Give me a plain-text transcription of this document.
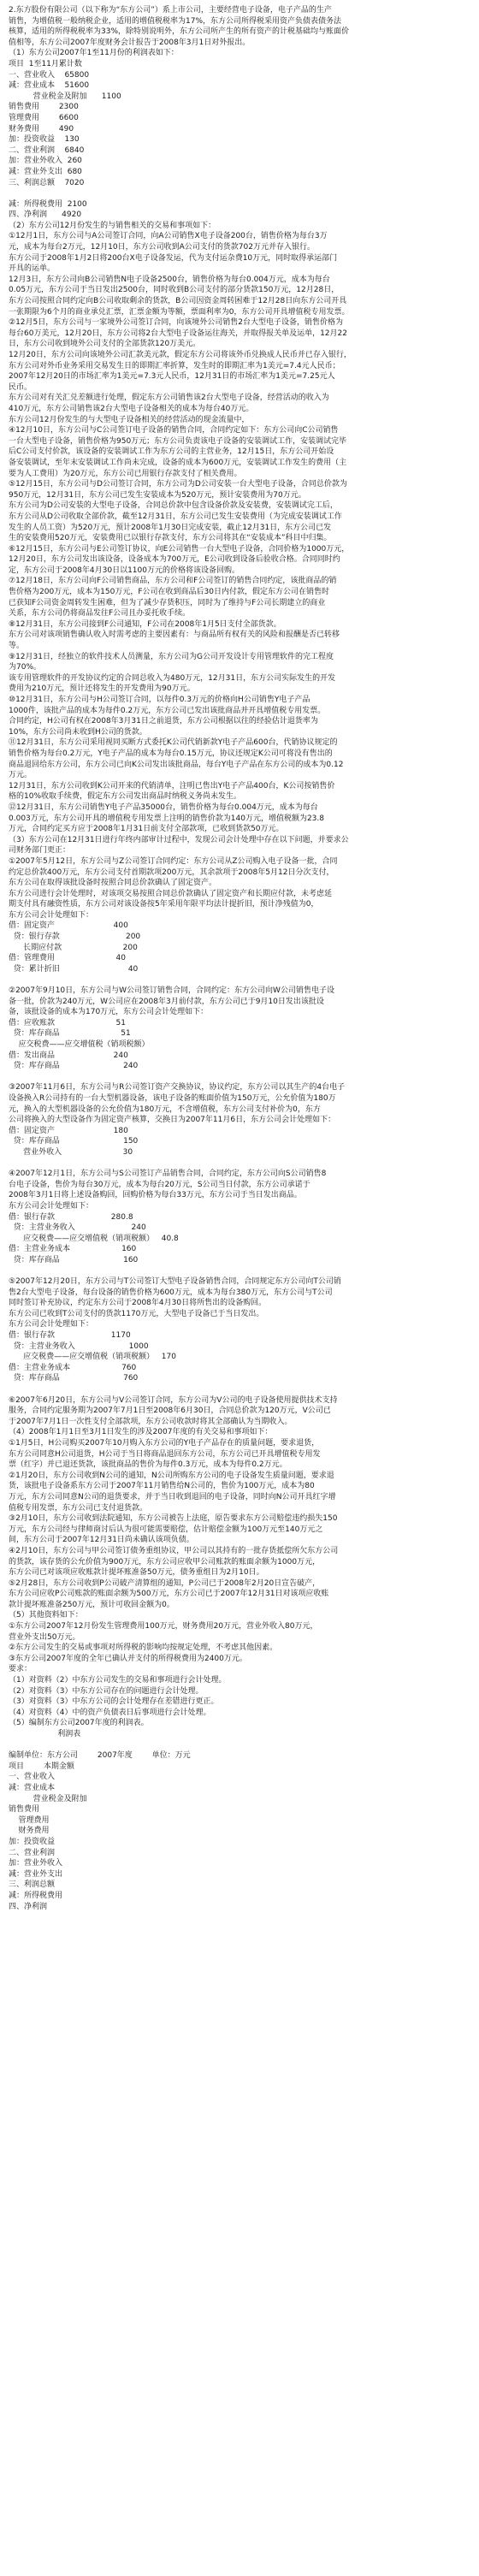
2.东方股份有限公司（以下称为“东方公司”）系上市公司，主要经营电子设备，电子产品的生产
销售，为增值税一般纳税企业，适用的增值税税率为17%，东方公司所得税采用资产负债表债务法
核算，适用的所得税税率为33%，除特别说明外，东方公司所产生的所有资产的计税基础均与账面价
值相等，东方公司2007年度财务会计报告于2008年3月1日对外报出。
（1）东方公司2007年1至11月份的利润表如下：
项目  1至11月累计数
一、营业收入    65800
减：营业成本    51600
营业税金及附加      1100
销售费用        2300
管理费用        6600
财务费用        490
加：投资收益    130
二、营业利润    6840
加：营业外收入  260
减：营业外支出  680
三、利润总额    7020
减：所得税费用  2100
四、净利润      4920
（2）东方公司12月份发生的与销售相关的交易和事项如下：
①12月1日，东方公司与A公司签订合同，向A公司销售X电子设备200台，销售价格为每台3万
元，成本为每台2万元，12月10日，东方公司收到A公司支付的货款702万元并存入银行。
东方公司于2008年1月2日将200台X电子设备发运，代为支付运杂费10万元，同时取得承运部门
开具的运单。
12月3日，东方公司向B公司销售N电子设备2500台，销售价格为每台0.004万元，成本为每台
0.05万元，东方公司于当日发出2500台，同时收到B公司支付的部分货款150万元，12月28日，
东方公司按照合同约定向B公司收取剩余的货款，B公司因资金周转困难于12月28日向东方公司开具
一张期限为6个月的商业承兑汇票，汇票金额为等额，票面利率为0，东方公司开具增值税专用发票。
②12月5日，东方公司与一家境外公司签订合同，向该境外公司销售2台大型电子设备，销售价格为
每台60万美元，12月20日，东方公司将2台大型电子设备运往海关，并取得报关单及运单，12月22
日，东方公司收到境外公司支付的全部货款120万美元。
12月20日，东方公司向该境外公司汇款美元款，假定东方公司将该外币兑换成人民币并已存入银行，
东方公司对外币业务采用交易发生日的即期汇率折算，发生时的即期汇率为1美元=7.4元人民币；
2007年12月20日的市场汇率为1美元=7.3元人民币，12月31日的市场汇率为1美元=7.25元人
民币。
东方公司对有关汇兑差额进行处理，假定东方公司销售该2台大型电子设备，经营活动的收入为
410万元，东方公司销售该2台大型电子设备相关的成本为每台40万元。
东方公司12月份发生的与大型电子设备相关的经营活动的现金流量中，
④12月10日，东方公司与C公司签订电子设备的销售合同，合同约定如下：东方公司向C公司销售
一台大型电子设备，销售价格为950万元；东方公司负责该电子设备的安装调试工作，安装调试完毕
后C公司支付价款，该设备的安装调试工作为东方公司的主营业务，12月15日，东方公司开始设
备安装调试，至年末安装调试工作尚未完成，设备的成本为600万元，安装调试工作发生的费用（主
要为人工费用）为20万元，东方公司已用银行存款支付了相关费用。
⑤12月15日，东方公司与D公司签订合同，东方公司为D公司安装一台大型电子设备，合同总价款为
950万元，12月31日，东方公司已发生安装成本为520万元，预计安装费用为70万元。
东方公司为D公司安装的大型电子设备，合同总价款中包含设备价款及安装费，安装调试完工后，
东方公司从D公司收取全部价款，截至12月31日，东方公司已发生安装费用（为完成安装调试工作
发生的人员工资）为520万元，预计2008年1月30日完成安装，截止12月31日，东方公司已发
生的安装费用520万元，安装费用已以银行存款支付，东方公司将其在“安装成本”科目中归集。
⑥12月15日，东方公司与E公司签订协议，向E公司销售一台大型电子设备，合同价格为1000万元，
12月20日，东方公司发出该设备，设备成本为700万元，E公司收到设备后验收合格。合同同时约
定，东方公司于2008年4月30日以1100万元的价格将该设备回购。
⑦12月18日，东方公司向F公司销售商品，东方公司和F公司签订的销售合同约定，该批商品的销
售价格为200万元，成本为150万元，F公司在收到商品后30日内付款，假定东方公司在销售时
已获知F公司资金周转发生困难，但为了减少存货积压，同时为了维持与F公司长期建立的商业
关系，东方公司仍将商品发往F公司且办妥托收手续。
⑧12月31日，东方公司接到F公司通知，F公司在2008年1月5日支付全部货款。
东方公司对该项销售确认收入时需考虑的主要因素有：与商品所有权有关的风险和报酬是否已转移
等。
⑨12月31日，经独立的软件技术人员测量，东方公司为G公司开发设计专用管理软件的完工程度
为70%。
该专用管理软件的开发协议约定的合同总收入为480万元，12月31日，东方公司实际发生的开发
费用为210万元，预计还将发生的开发费用为90万元。
⑩12月31日，东方公司与H公司签订合同，以每件0.3万元的价格向H公司销售Y电子产品
1000件，该批产品的成本为每件0.2万元，东方公司已发出该批商品并开具增值税专用发票。
合同约定，H公司有权在2008年3月31日之前退货，东方公司根据以往的经验估计退货率为
10%，东方公司尚未收到H公司的货款。
⑪12月31日，东方公司采用视同买断方式委托K公司代销新款Y电子产品600台，代销协议规定的
销售价格为每台0.2万元，Y电子产品的成本为每台0.15万元，协议还规定K公司可将没有售出的
商品退回给东方公司，东方公司已向K公司发出该批商品，每台Y电子产品在东方公司的成本为0.12
万元。
12月31日，东方公司收到K公司开来的代销清单，注明已售出Y电子产品400台，K公司按销售价
格的10%收取手续费，假定东方公司发出商品时纳税义务尚未发生。
⑫12月31日，东方公司销售Y电子产品35000台，销售价格为每台0.004万元，成本为每台
0.003万元，东方公司开具的增值税专用发票上注明的销售价款为140万元，增值税额为23.8
万元，合同约定买方应于2008年1月31日前支付全部款项，已收到货款50万元。
（3）东方公司在12月31日进行年终内部审计过程中，发现公司会计处理中存在以下问题，并要求公
司财务部门更正：
①2007年5月12日，东方公司与Z公司签订合同约定：东方公司从Z公司购入电子设备一批，合同
约定总价款400万元，东方公司支付首期款项200万元，其余款项于2008年5月12日分次支付，
东方公司在取得该批设备时按照合同总价款确认了固定资产。
东方公司进行会计处理时，对该项交易按照合同总价款确认了固定资产和长期应付款，未考虑延
期支付具有融资性质，东方公司对该设备按5年采用年限平均法计提折旧，预计净残值为0，
东方公司会计处理如下：
借：固定资产                        400
贷：银行存款                           200
长期应付款                         200
借：管理费用                         40
贷：累计折旧                            40
②2007年9月10日，东方公司与W公司签订销售合同，合同约定：东方公司向W公司销售电子设
备一批，价款为240万元，W公司应在2008年3月前付款，东方公司已于9月10日发出该批设
备，该批设备的成本为170万元，东方公司会计处理如下：
借：应收账款                         51
贷：库存商品                         51
应交税费——应交增值税（销项税额）
借：发出商品                        240
贷：库存商品                          240
③2007年11月6日，东方公司与R公司签订资产交换协议，协议约定，东方公司以其生产的4台电子
设备换入R公司持有的一台大型机器设备，该电子设备的账面价值为150万元，公允价值为180万
元，换入的大型机器设备的公允价值为180万元，不含增值税，东方公司支付补价为0，东方
公司将换入的大型设备作为固定资产核算，交换日为2007年11月6日，东方公司会计处理如下：
借：固定资产                        180
贷：库存商品                          150
营业外收入                         30
④2007年12月1日，东方公司与S公司签订产品销售合同，合同约定，东方公司向S公司销售8
台电子设备，售价为每台30万元，成本为每台20万元，S公司当日付款，东方公司承诺于
2008年3月1日将上述设备购回，回购价格为每台33万元，东方公司于当日发出商品。
东方公司会计处理如下：
借：银行存款                       280.8
贷：主营业务收入                       240
应交税费——应交增值税（销项税额）   40.8
借：主营业务成本                     160
贷：库存商品                          160
⑤2007年12月20日，东方公司与T公司签订大型电子设备销售合同，合同规定东方公司向T公司销
售2台大型电子设备，每台设备的销售价格为600万元，成本为每台380万元，东方公司与T公司
同时签订补充协议，约定东方公司于2008年4月30日将所售出的设备购回。
东方公司已收到T公司支付的货款1170万元，大型电子设备已于当日发出。
东方公司会计处理如下：
借：银行存款                       1170
贷：主营业务收入                      1000
应交税费——应交增值税（销项税额）   170
借：主营业务成本                     760
贷：库存商品                          760
⑥2007年6月20日，东方公司与V公司签订合同，东方公司为V公司的电子设备使用提供技术支持
服务，合同约定服务期为2007年7月1日至2008年6月30日，合同总价款为120万元，V公司已
于2007年7月1日一次性支付全部款项，东方公司收款时将其全部确认为当期收入。
（4）2008年1月1日至3月1日发生的涉及2007年度的有关交易和事项如下：
①1月5日，H公司购买2007年10月购入东方公司的Y电子产品存在的质量问题，要求退货，
东方公司同意H公司退货，H公司于当日将商品退回东方公司，东方公司已开具增值税专用发
票（红字）并已退还货款，该批商品的售价为每件0.3万元，成本为每件0.2万元。
②1月20日，东方公司收到N公司的通知，N公司所购东方公司的电子设备发生质量问题，要求退
货，该批电子设备系东方公司于2007年11月销售给N公司的，售价为100万元，成本为80
万元，东方公司同意N公司的退货要求，并于当日收到退回的电子设备，同时向N公司开具红字增
值税专用发票，东方公司已支付退货款。
③2月10日，东方公司收到法院通知，东方公司被告上法庭，原告要求东方公司赔偿违约损失150
万元，东方公司经与律师商讨后认为很可能需要赔偿，估计赔偿金额为100万元至140万元之
间，东方公司于2007年12月31日尚未确认该项负债。
④2月10日，东方公司与甲公司签订债务重组协议，甲公司以其持有的一批存货抵偿所欠东方公司
的货款，该存货的公允价值为900万元，东方公司应收甲公司账款的账面余额为1000万元，
东方公司已对该项应收账款计提坏账准备50万元，债务重组日为2月10日。
⑤2月28日，东方公司收到P公司破产清算组的通知，P公司已于2008年2月20日宣告破产，
东方公司应收P公司账款的账面余额为500万元，东方公司已于2007年12月31日对该项应收账
款计提坏账准备250万元，预计可收回金额为0。
（5）其他资料如下：
①东方公司2007年12月份发生管理费用100万元，财务费用20万元，营业外收入80万元，
营业外支出50万元。
②东方公司发生的交易或事项对所得税的影响均按规定处理，不考虑其他因素。
③东方公司2007年度的全年已确认并支付的所得税费用为2400万元。
要求：
（1）对资料（2）中东方公司发生的交易和事项进行会计处理。
（2）对资料（3）中东方公司存在的问题进行会计处理。
（3）对资料（3）中东方公司的会计处理存在差错进行更正。
（4）对资料（4）中的资产负债表日后事项进行会计处理。
（5）编制东方公司2007年度的利润表。
利润表
编制单位：东方公司        2007年度        单位：万元
项目        本期金额
一、营业收入
减：营业成本
营业税金及附加
销售费用
管理费用
财务费用
加：投资收益
二、营业利润
加：营业外收入
减：营业外支出
三、利润总额
减：所得税费用
四、净利润
